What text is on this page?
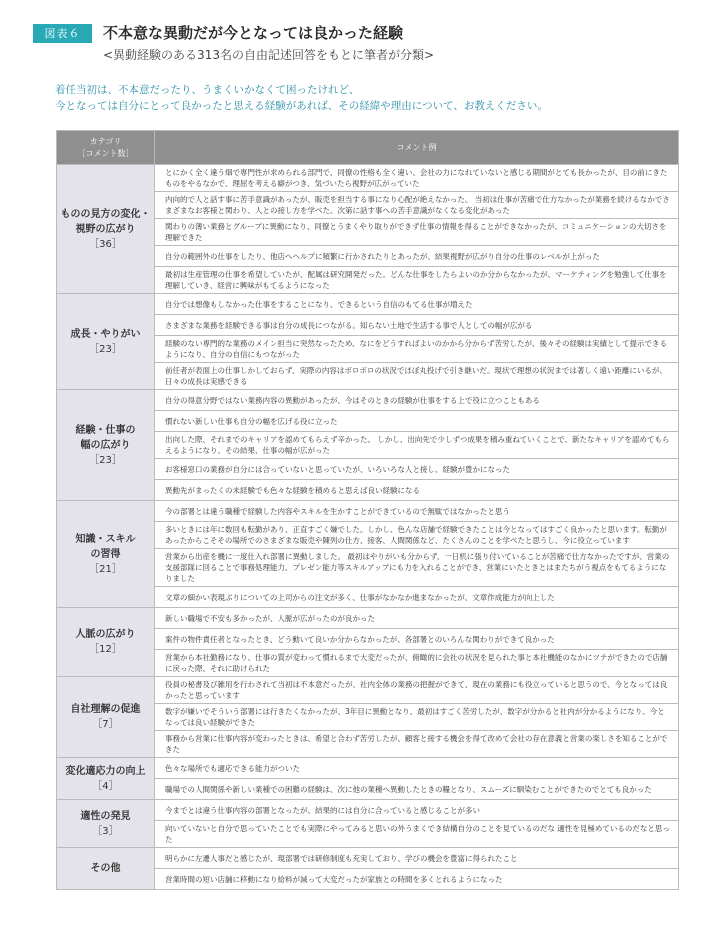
図表６	不本意な異動だが今となっては良かった経験
<異動経験のある313名の自由記述回答をもとに筆者が分類>
着任当初は、不本意だったり、うまくいかなくて困ったけれど、
今となっては自分にとって良かったと思える経験があれば、その経緯や理由について、お教えください。
カテゴリ
［コメント数］	コメント例

ものの見方の変化・
視野の広がり
［36］	とにかく全く違う畑で専門性が求められる部門で、同僚の性格も全く違い、会社の力になれていないと感じる期間がとても長かったが、目の前にきたものをやるなかで、理屈を考える癖がつき、気づいたら視野が広がっていた
	内向的で人と話す事に苦手意識があったが、販売を担当する事になり心配が絶えなかった。 当初は仕事が苦痛で仕方なかったが業務を続けるなかでさまざまなお客様と関わり、人との接し方を学べた。次第に話す事への苦手意識がなくなる変化があった
	関わりの薄い業務とグループに異動になり、同僚とうまくやり取りができず仕事の情報を得ることができなかったが、コミュニケーションの大切さを理解できた
	自分の範囲外の仕事をしたり、他店へヘルプに頻繁に行かされたりとあったが、結果視野が広がり自分の仕事のレベルが上がった
	最初は生産管理の仕事を希望していたが、配属は研究開発だった。どんな仕事をしたらよいのか分からなかったが、マーケティングを勉強して仕事を理解していき、経営に興味がもてるようになった

成長・やりがい
［23］	自分では想像もしなかった仕事をすることになり、できるという自信のもてる仕事が増えた
	さまざまな業務を経験できる事は自分の成長につながる。知らない土地で生活する事で人としての幅が広がる
	経験のない専門的な業務のメイン担当に突然なったため、なにをどうすればよいのかから分からず苦労したが、後々その経験は実績として提示できるようになり、自分の自信にもつながった
	前任者が表面上の仕事しかしておらず、実際の内容はボロボロの状況でほぼ丸投げで引き継いだ。現状で理想の状況までは著しく遠い距離にいるが、日々の成長は実感できる

経験・仕事の
幅の広がり
［23］	自分の得意分野ではない業務内容の異動があったが、今はそのときの経験が仕事をする上で役に立つこともある
	慣れない新しい仕事も自分の幅を広げる役に立った
	出向した際、それまでのキャリアを認めてもらえず辛かった。 しかし、出向先で少しずつ成果を積み重ねていくことで、新たなキャリアを認めてもらえるようになり、その結果、仕事の幅が広がった
	お客様窓口の業務が自分には合っていないと思っていたが、いろいろな人と接し、経験が豊かになった
	異動先がまったくの未経験でも色々な経験を積めると思えば良い経験になる

知識・スキル
の習得
［21］	今の部署とは違う職種で経験した内容やスキルを生かすことができているので無駄ではなかったと思う
	多いときには年に数回も転勤があり、正直すごく嫌でした。しかし、色んな店舗で経験できたことは今となってはすごく良かったと思います。転勤があったからこそその場所でのさまざまな販売や陳列の仕方、接客、人間関係など、たくさんのことを学べたと思うし、今に役立っています
	営業から出産を機に一度仕入れ部署に異動しました。 最初はやりがいも分からず、一日机に張り付いていることが苦痛で仕方なかったですが、営業の支援部隊に回ることで事務処理能力、プレゼン能力等スキルアップにも力を入れることができ、営業にいたときとはまたちがう視点をもてるようになりました
	文章の細かい表現ぶりについての上司からの注文が多く、仕事がなかなか進まなかったが、文章作成能力が向上した

人脈の広がり
［12］	新しい職場で不安も多かったが、人脈が広がったのが良かった
	案件の物件責任者となったとき、どう動いて良いか分からなかったが、各部署とのいろんな関わりができて良かった
	営業から本社勤務になり、仕事の質が変わって慣れるまで大変だったが、俯瞰的に会社の状況を見られた事と本社機能のなかにツテができたので店舗に戻った際、それに助けられた

自社理解の促進
［7］	役員の秘書及び雑用を行わされて当初は不本意だったが、社内全体の業務の把握ができて、現在の業務にも役立っていると思うので、今となっては良かったと思っています
	数字が嫌いでそういう部署には行きたくなかったが、3年目に異動となり、最初はすごく苦労したが、数字が分かると社内が分かるようになり、今となっては良い経験ができた
	事務から営業に仕事内容が変わったときは、希望と合わず苦労したが、顧客と接する機会を得て改めて会社の存在意義と営業の楽しさを知ることができた

変化適応力の向上
［4］	色々な場所でも適応できる能力がついた
	職場での人間関係や新しい業種での困難の経験は、次に他の業種へ異動したときの糧となり、スムーズに馴染むことができたのでとても良かった

適性の発見
［3］	今までとは違う仕事内容の部署となったが、結果的には自分に合っていると感じることが多い
	向いていないと自分で思っていたことでも実際にやってみると思いの外うまくでき結構自分のことを見ているのだな 適性を見極めているのだなと思った

その他	明らかに左遷人事だと感じたが、現部署では研修制度も充実しており、学びの機会を豊富に得られたこと
	営業時間の短い店舗に移動になり給料が減って大変だったが家族との時間を多くとれるようになった
